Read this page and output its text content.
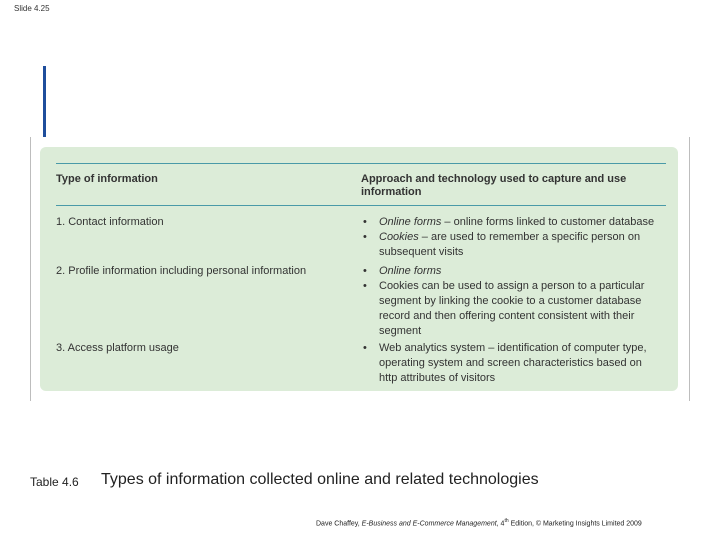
Slide 4.25
Type of information	Approach and technology used to capture and use
information
1. Contact information	• Online forms – online forms linked to customer database
• Cookies – are used to remember a specific person on
subsequent visits
2. Profile information including personal information	• Online forms
• Cookies can be used to assign a person to a particular
segment by linking the cookie to a customer database
record and then offering content consistent with their
segment
3. Access platform usage	• Web analytics system – identification of computer type,
operating system and screen characteristics based on
http attributes of visitors
Table 4.6 Types of information collected online and related technologies
Dave Chaffey, E-Business and E-Commerce Management, 4th Edition, © Marketing Insights Limited 2009
